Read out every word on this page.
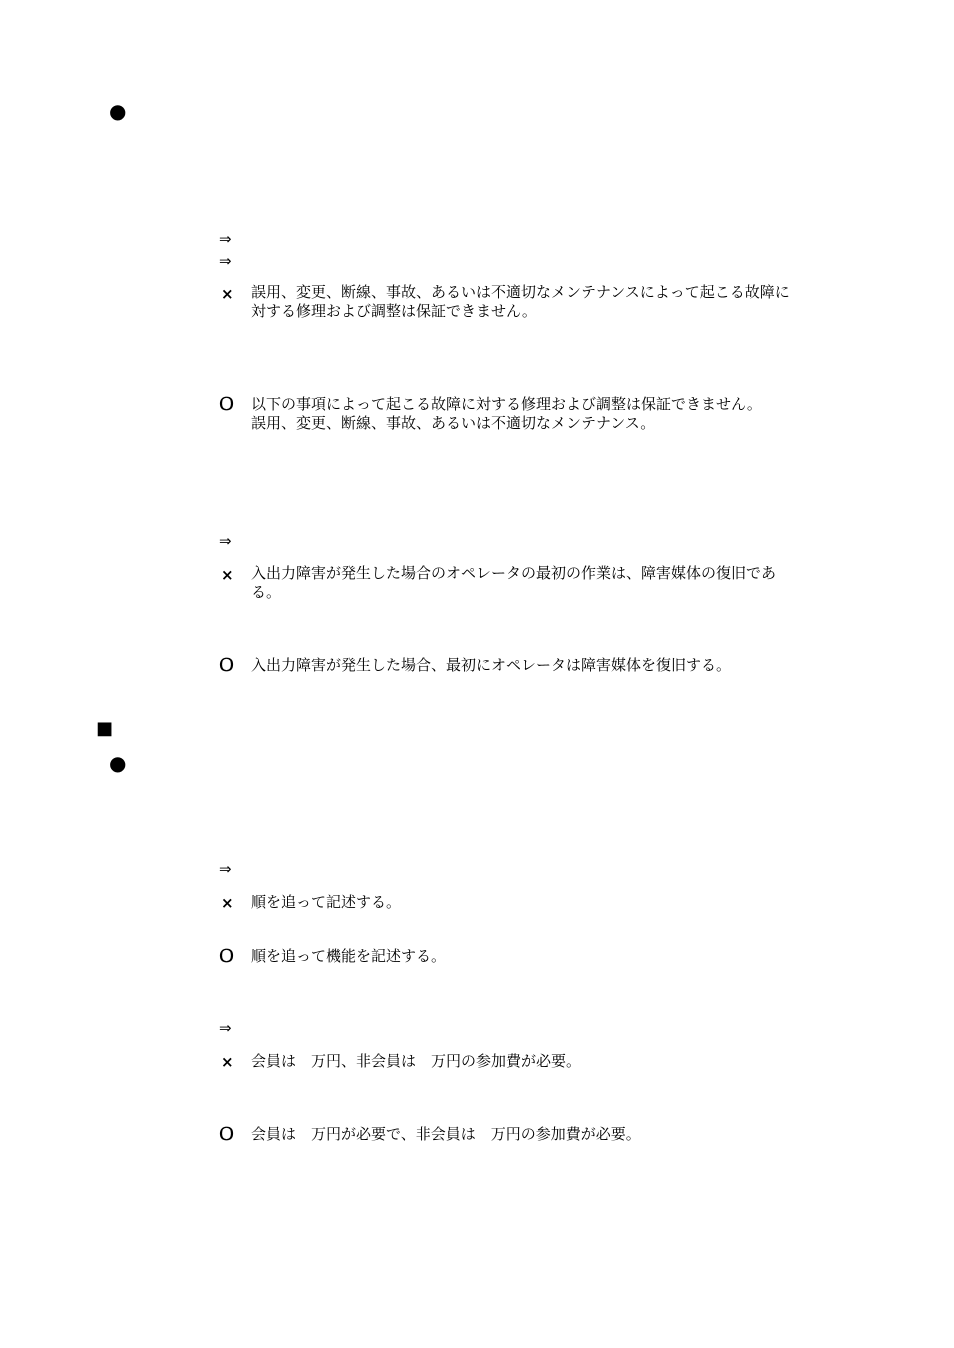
●
⇒
⇒
× 誤用、変更、断線、事故、あるいは不適切なメンテナンスによって起こる故障に
対する修理および調整は保証できません。
Ｏ 以下の事項によって起こる故障に対する修理および調整は保証できません。
誤用、変更、断線、事故、あるいは不適切なメンテナンス。
⇒
× 入出力障害が発生した場合のオペレータの最初の作業は、障害媒体の復旧であ
る。
Ｏ 入出力障害が発生した場合、最初にオペレータは障害媒体を復旧する。
■
●
⇒
× 順を追って記述する。
Ｏ 順を追って機能を記述する。
⇒
× 会員は　万円、非会員は　万円の参加費が必要。
Ｏ 会員は　万円が必要で、非会員は　万円の参加費が必要。
